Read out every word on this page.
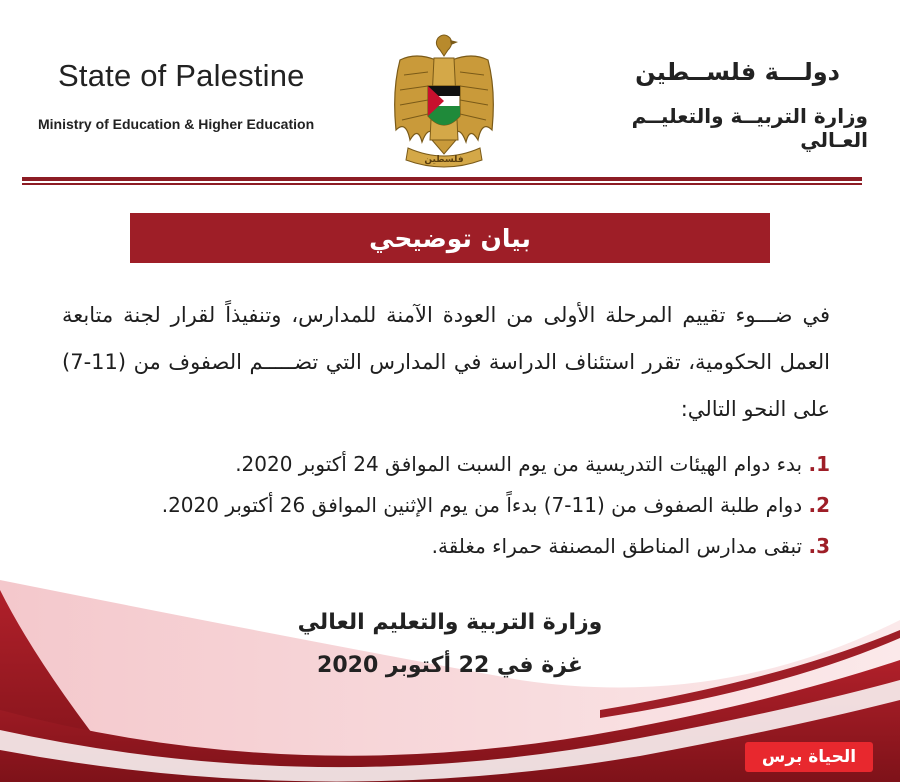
State of Palestine
Ministry of Education & Higher Education
دولـــة فلســطين
وزارة التربيــة والتعليــم العـالي
فلسطين
بيان توضيحي
في ضـــوء تقييم المرحلة الأولى من العودة الآمنة للمدارس، وتنفيذاً لقرار لجنة متابعة العمل الحكومية، تقرر استئناف الدراسة في المدارس التي تضـــــم الصفوف من (11-7) على النحو التالي:
1. بدء دوام الهيئات التدريسية من يوم السبت الموافق 24 أكتوبر 2020.
2. دوام طلبة الصفوف من (11-7) بدءاً من يوم الإثنين الموافق 26 أكتوبر 2020.
3. تبقى مدارس المناطق المصنفة حمراء مغلقة.
وزارة التربية والتعليم العالي
غزة في 22 أكتوبر 2020
الحياة برس
